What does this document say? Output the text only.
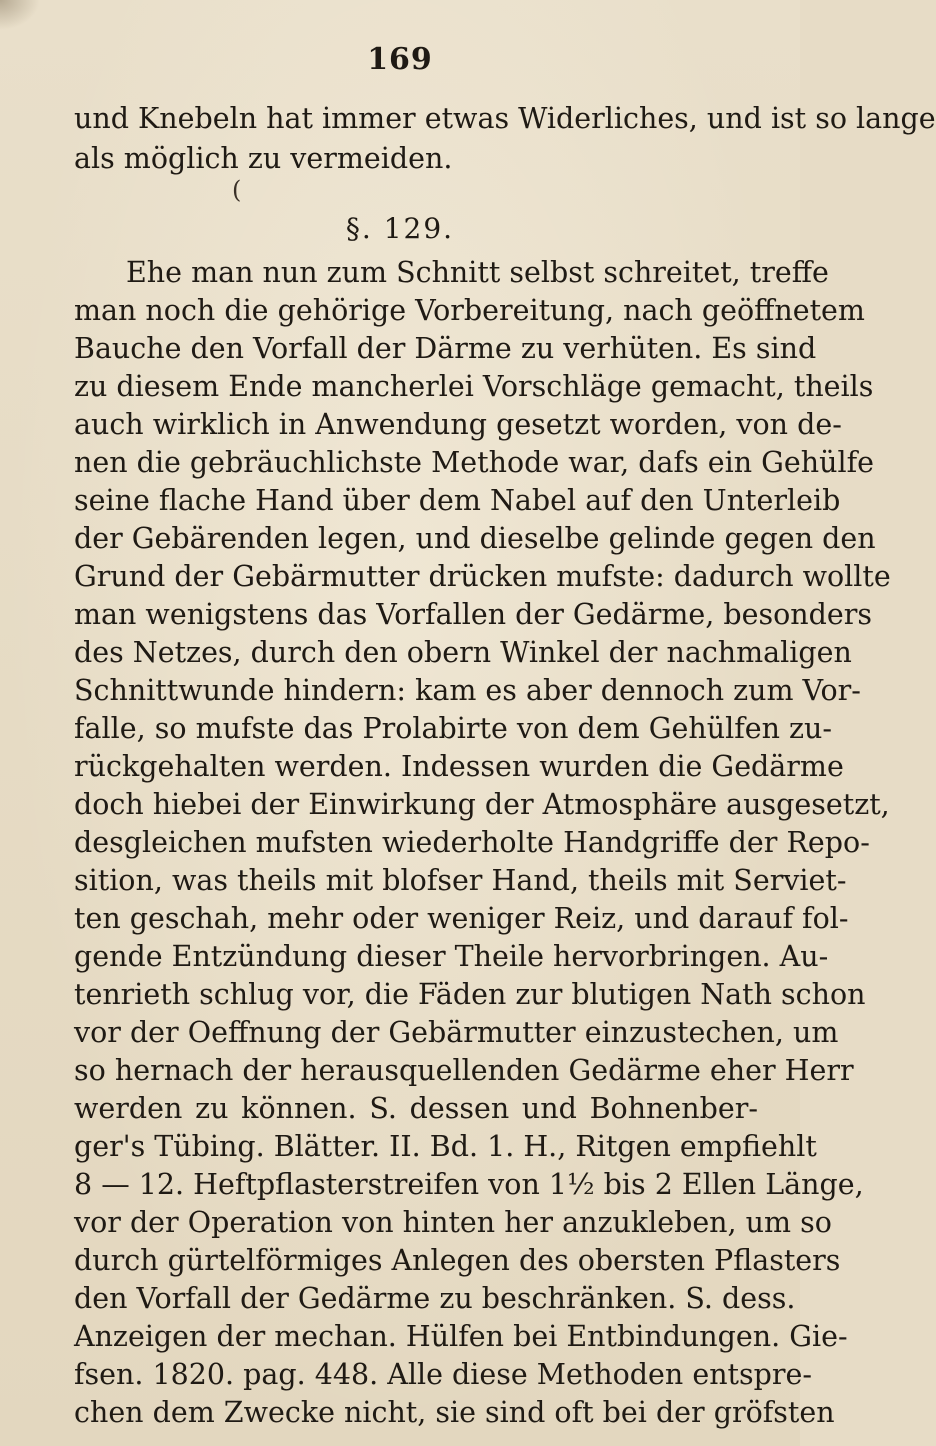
169
und Knebeln hat immer etwas Widerliches, und ist so lange
als möglich zu vermeiden.
(
§. 129.
Ehe man nun zum Schnitt selbst schreitet, treffe
man noch die gehörige Vorbereitung, nach geöffnetem
Bauche den Vorfall der Därme zu verhüten. Es sind
zu diesem Ende mancherlei Vorschläge gemacht, theils
auch wirklich in Anwendung gesetzt worden, von de-
nen die gebräuchlichste Methode war, dafs ein Gehülfe
seine flache Hand über dem Nabel auf den Unterleib
der Gebärenden legen, und dieselbe gelinde gegen den
Grund der Gebärmutter drücken mufste: dadurch wollte
man wenigstens das Vorfallen der Gedärme, besonders
des Netzes, durch den obern Winkel der nachmaligen
Schnittwunde hindern: kam es aber dennoch zum Vor-
falle, so mufste das Prolabirte von dem Gehülfen zu-
rückgehalten werden. Indessen wurden die Gedärme
doch hiebei der Einwirkung der Atmosphäre ausgesetzt,
desgleichen mufsten wiederholte Handgriffe der Repo-
sition, was theils mit blofser Hand, theils mit Serviet-
ten geschah, mehr oder weniger Reiz, und darauf fol-
gende Entzündung dieser Theile hervorbringen. Au-
tenrieth schlug vor, die Fäden zur blutigen Nath schon
vor der Oeffnung der Gebärmutter einzustechen, um
so hernach der herausquellenden Gedärme eher Herr
werden zu können. S. dessen und Bohnenber-
ger's Tübing. Blätter. II. Bd. 1. H., Ritgen empfiehlt
8 — 12. Heftpflasterstreifen von 1½ bis 2 Ellen Länge,
vor der Operation von hinten her anzukleben, um so
durch gürtelförmiges Anlegen des obersten Pflasters
den Vorfall der Gedärme zu beschränken. S. dess.
Anzeigen der mechan. Hülfen bei Entbindungen. Gie-
fsen. 1820. pag. 448. Alle diese Methoden entspre-
chen dem Zwecke nicht, sie sind oft bei der gröfsten
